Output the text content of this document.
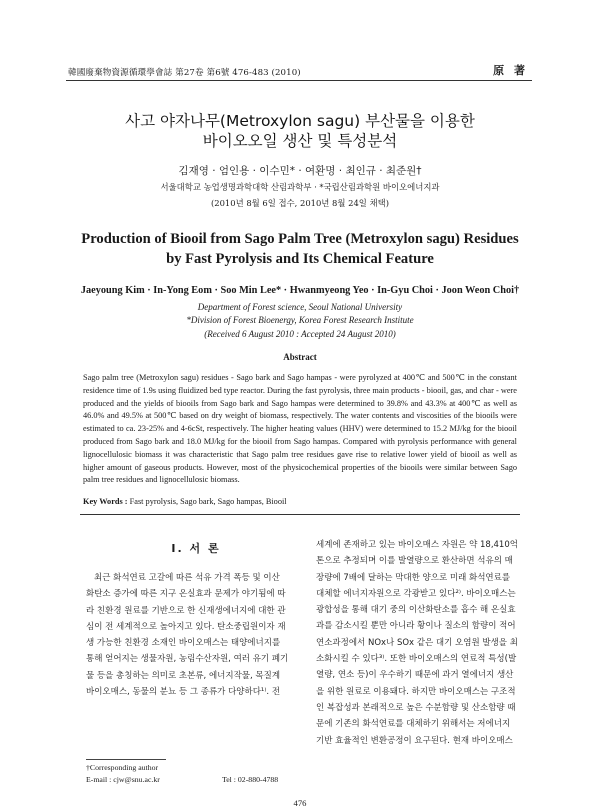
韓國廢棄物資源循環學會誌 第27卷 第6號 476-483 (2010)	原 著
사고 야자나무(Metroxylon sagu) 부산물을 이용한
바이오오일 생산 및 특성분석
김재영 · 엄인용 · 이수민* · 여환명 · 최인규 · 최준원†
서울대학교 농업생명과학대학 산림과학부 · *국립산림과학원 바이오에너지과
(2010년 8월 6일 접수, 2010년 8월 24일 채택)
Production of Biooil from Sago Palm Tree (Metroxylon sagu) Residues
by Fast Pyrolysis and Its Chemical Feature
Jaeyoung Kim · In-Yong Eom · Soo Min Lee* · Hwanmyeong Yeo · In-Gyu Choi · Joon Weon Choi†
Department of Forest science, Seoul National University
*Division of Forest Bioenergy, Korea Forest Research Institute
(Received 6 August 2010 : Accepted 24 August 2010)
Abstract
Sago palm tree (Metroxylon sagu) residues - Sago bark and Sago hampas - were pyrolyzed at 400℃ and 500℃ in the constant residence time of 1.9s using fluidized bed type reactor. During the fast pyrolysis, three main products - biooil, gas, and char - were produced and the yields of biooils from Sago bark and Sago hampas were determined to 39.8% and 43.3% at 400℃ as well as 46.0% and 49.5% at 500℃ based on dry weight of biomass, respectively. The water contents and viscosities of the biooils were estimated to ca. 23-25% and 4-6cSt, respectively. The higher heating values (HHV) were determined to 15.2 MJ/kg for the biooil produced from Sago bark and 18.0 MJ/kg for the biooil from Sago hampas. Compared with pyrolysis performance with general lignocellulosic biomass it was characteristic that Sago palm tree residues gave rise to relative lower yield of biooil as well as higher amount of gaseous products. However, most of the physicochemical properties of the biooils were similar between Sago palm tree residues and lignocellulosic biomass.
Key Words : Fast pyrolysis, Sago bark, Sago hampas, Biooil
I. 서 론
최근 화석연료 고갈에 따른 석유 가격 폭등 및 이산
화탄소 증가에 따른 지구 온실효과 문제가 야기됨에 따
라 친환경 원료를 기반으로 한 신재생에너지에 대한 관
심이 전 세계적으로 높아지고 있다. 탄소중립원이자 재
생 가능한 친환경 소재인 바이오매스는 태양에너지를
통해 얻어지는 생물자원, 농림수산자원, 여러 유기 폐기
물 등을 총칭하는 의미로 초본류, 에너지작물, 목질계
바이오매스, 동물의 분뇨 등 그 종류가 다양하다¹⁾. 전
세계에 존재하고 있는 바이오매스 자원은 약 18,410억
톤으로 추정되며 이를 발열량으로 환산하면 석유의 매
장량에 7배에 달하는 막대한 양으로 미래 화석연료를
대체할 에너지자원으로 각광받고 있다²⁾. 바이오매스는
광합성을 통해 대기 중의 이산화탄소를 흡수 해 온실효
과를 감소시킬 뿐만 아니라 황이나 질소의 함량이 적어
연소과정에서 NOx나 SOx 같은 대기 오염원 발생을 최
소화시킬 수 있다³⁾. 또한 바이오매스의 연료적 특성(발
열량, 연소 등)이 우수하기 때문에 과거 열에너지 생산
을 위한 원료로 이용돼다. 하지만 바이오매스는 구조적
인 복잡성과 본래적으로 높은 수분함량 및 산소함량 때
문에 기존의 화석연료를 대체하기 위해서는 저에너지
기반 효율적인 변환공정이 요구된다. 현재 바이오매스
†Corresponding author
E-mail : cjw@snu.ac.kr	Tel : 02-880-4788
476
